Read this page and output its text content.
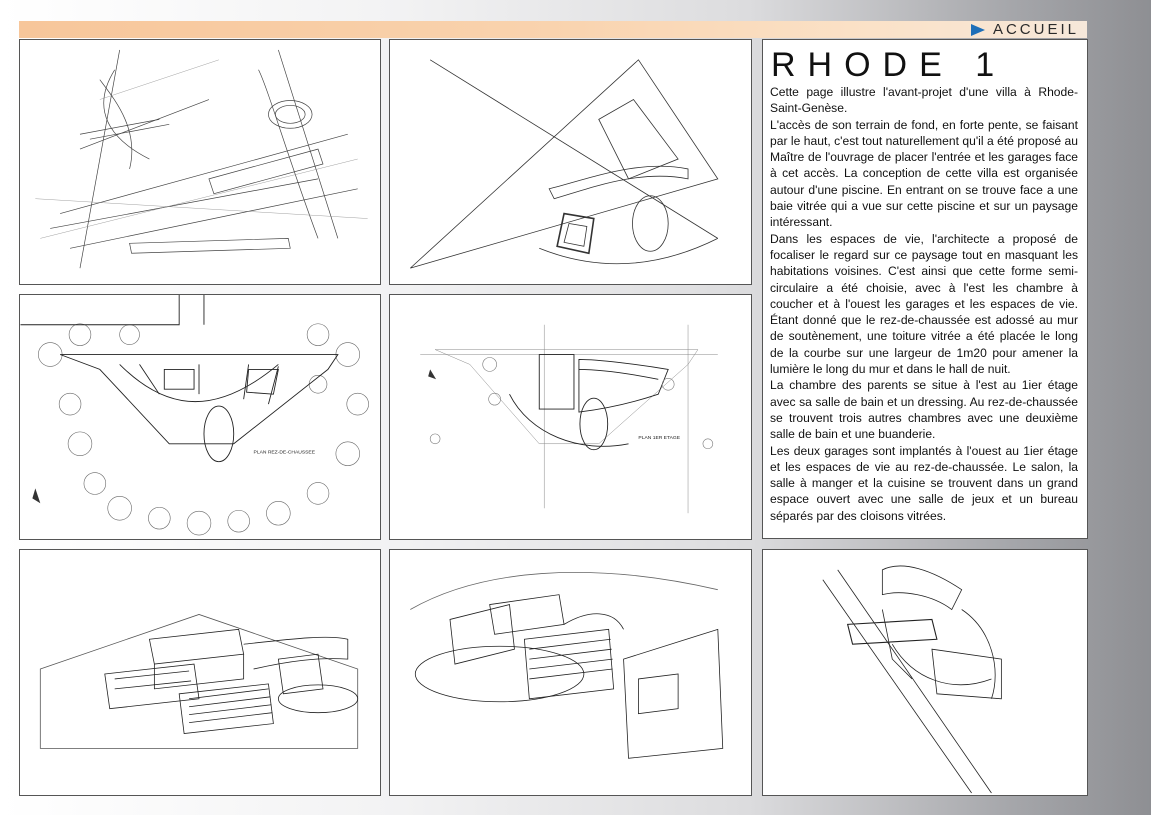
ACCUEIL
RHODE 1

Cette page illustre l'avant-projet d'une villa à Rhode-Saint-Genèse.

L'accès de son terrain de fond, en forte pente, se faisant par le haut, c'est tout naturellement qu'il a été proposé au Maître de l'ouvrage de placer l'entrée et les garages face à cet accès. La conception de cette villa est organisée autour d'une piscine. En entrant on se trouve face a une baie vitrée qui a vue sur cette piscine et sur un paysage intéressant.

Dans les espaces de vie, l'architecte a proposé de focaliser le regard sur ce paysage tout en masquant les habitations voisines. C'est ainsi que cette forme semi-circulaire a été choisie, avec à l'est les chambre à coucher et à l'ouest les garages et les espaces de vie. Étant donné que le rez-de-chaussée est adossé au mur de soutènement, une toiture vitrée a été placée le long de la courbe sur une largeur de 1m20 pour amener la lumière le long du mur et dans le hall de nuit.

La chambre des parents se situe à l'est au 1ier étage avec sa salle de bain et un dressing. Au rez-de-chaussée se trouvent trois autres chambres avec une deuxième salle de bain et une buanderie.

Les deux garages sont implantés à l'ouest au 1ier étage et les espaces de vie au rez-de-chaussée. Le salon, la salle à manger et la cuisine se trouvent dans un grand espace ouvert avec une salle de jeux et un bureau séparés par des cloisons vitrées.

PLAN REZ-DE-CHAUSSEE
PLAN 1ER ETAGE
